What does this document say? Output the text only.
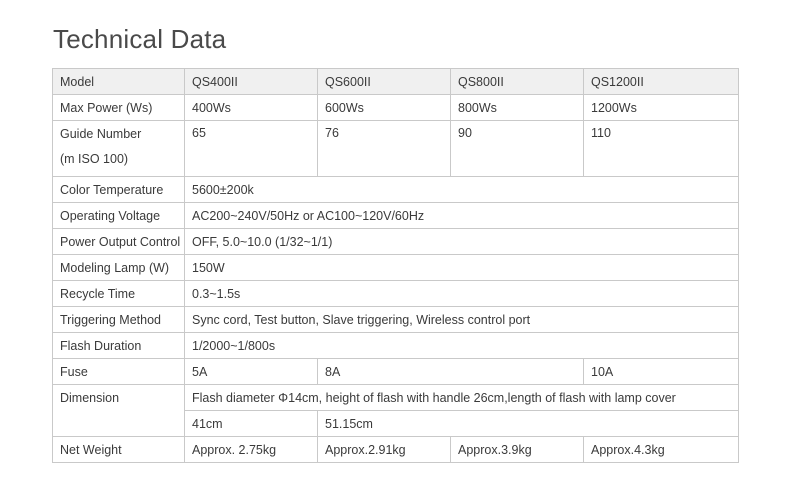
Technical Data
Model	QS400II	QS600II	QS800II	QS1200II
Max Power (Ws)	400Ws	600Ws	800Ws	1200Ws

Guide Number
(m ISO 100)	65	76	90	110
Color Temperature	5600±200k			
Operating Voltage	AC200~240V/50Hz or AC100~120V/60Hz			
Power Output Control	OFF, 5.0~10.0 (1/32~1/1)			
Modeling Lamp (W)	150W			
Recycle Time	0.3~1.5s			
Triggering Method	Sync cord, Test button, Slave triggering, Wireless control port			
Flash Duration	1/2000~1/800s			
Fuse	5A	8A		10A
Dimension	Flash diameter Φ14cm, height of flash with handle 26cm,length of flash with lamp cover			
	41cm	51.15cm		
Net Weight	Approx. 2.75kg	Approx.2.91kg	Approx.3.9kg	Approx.4.3kg
